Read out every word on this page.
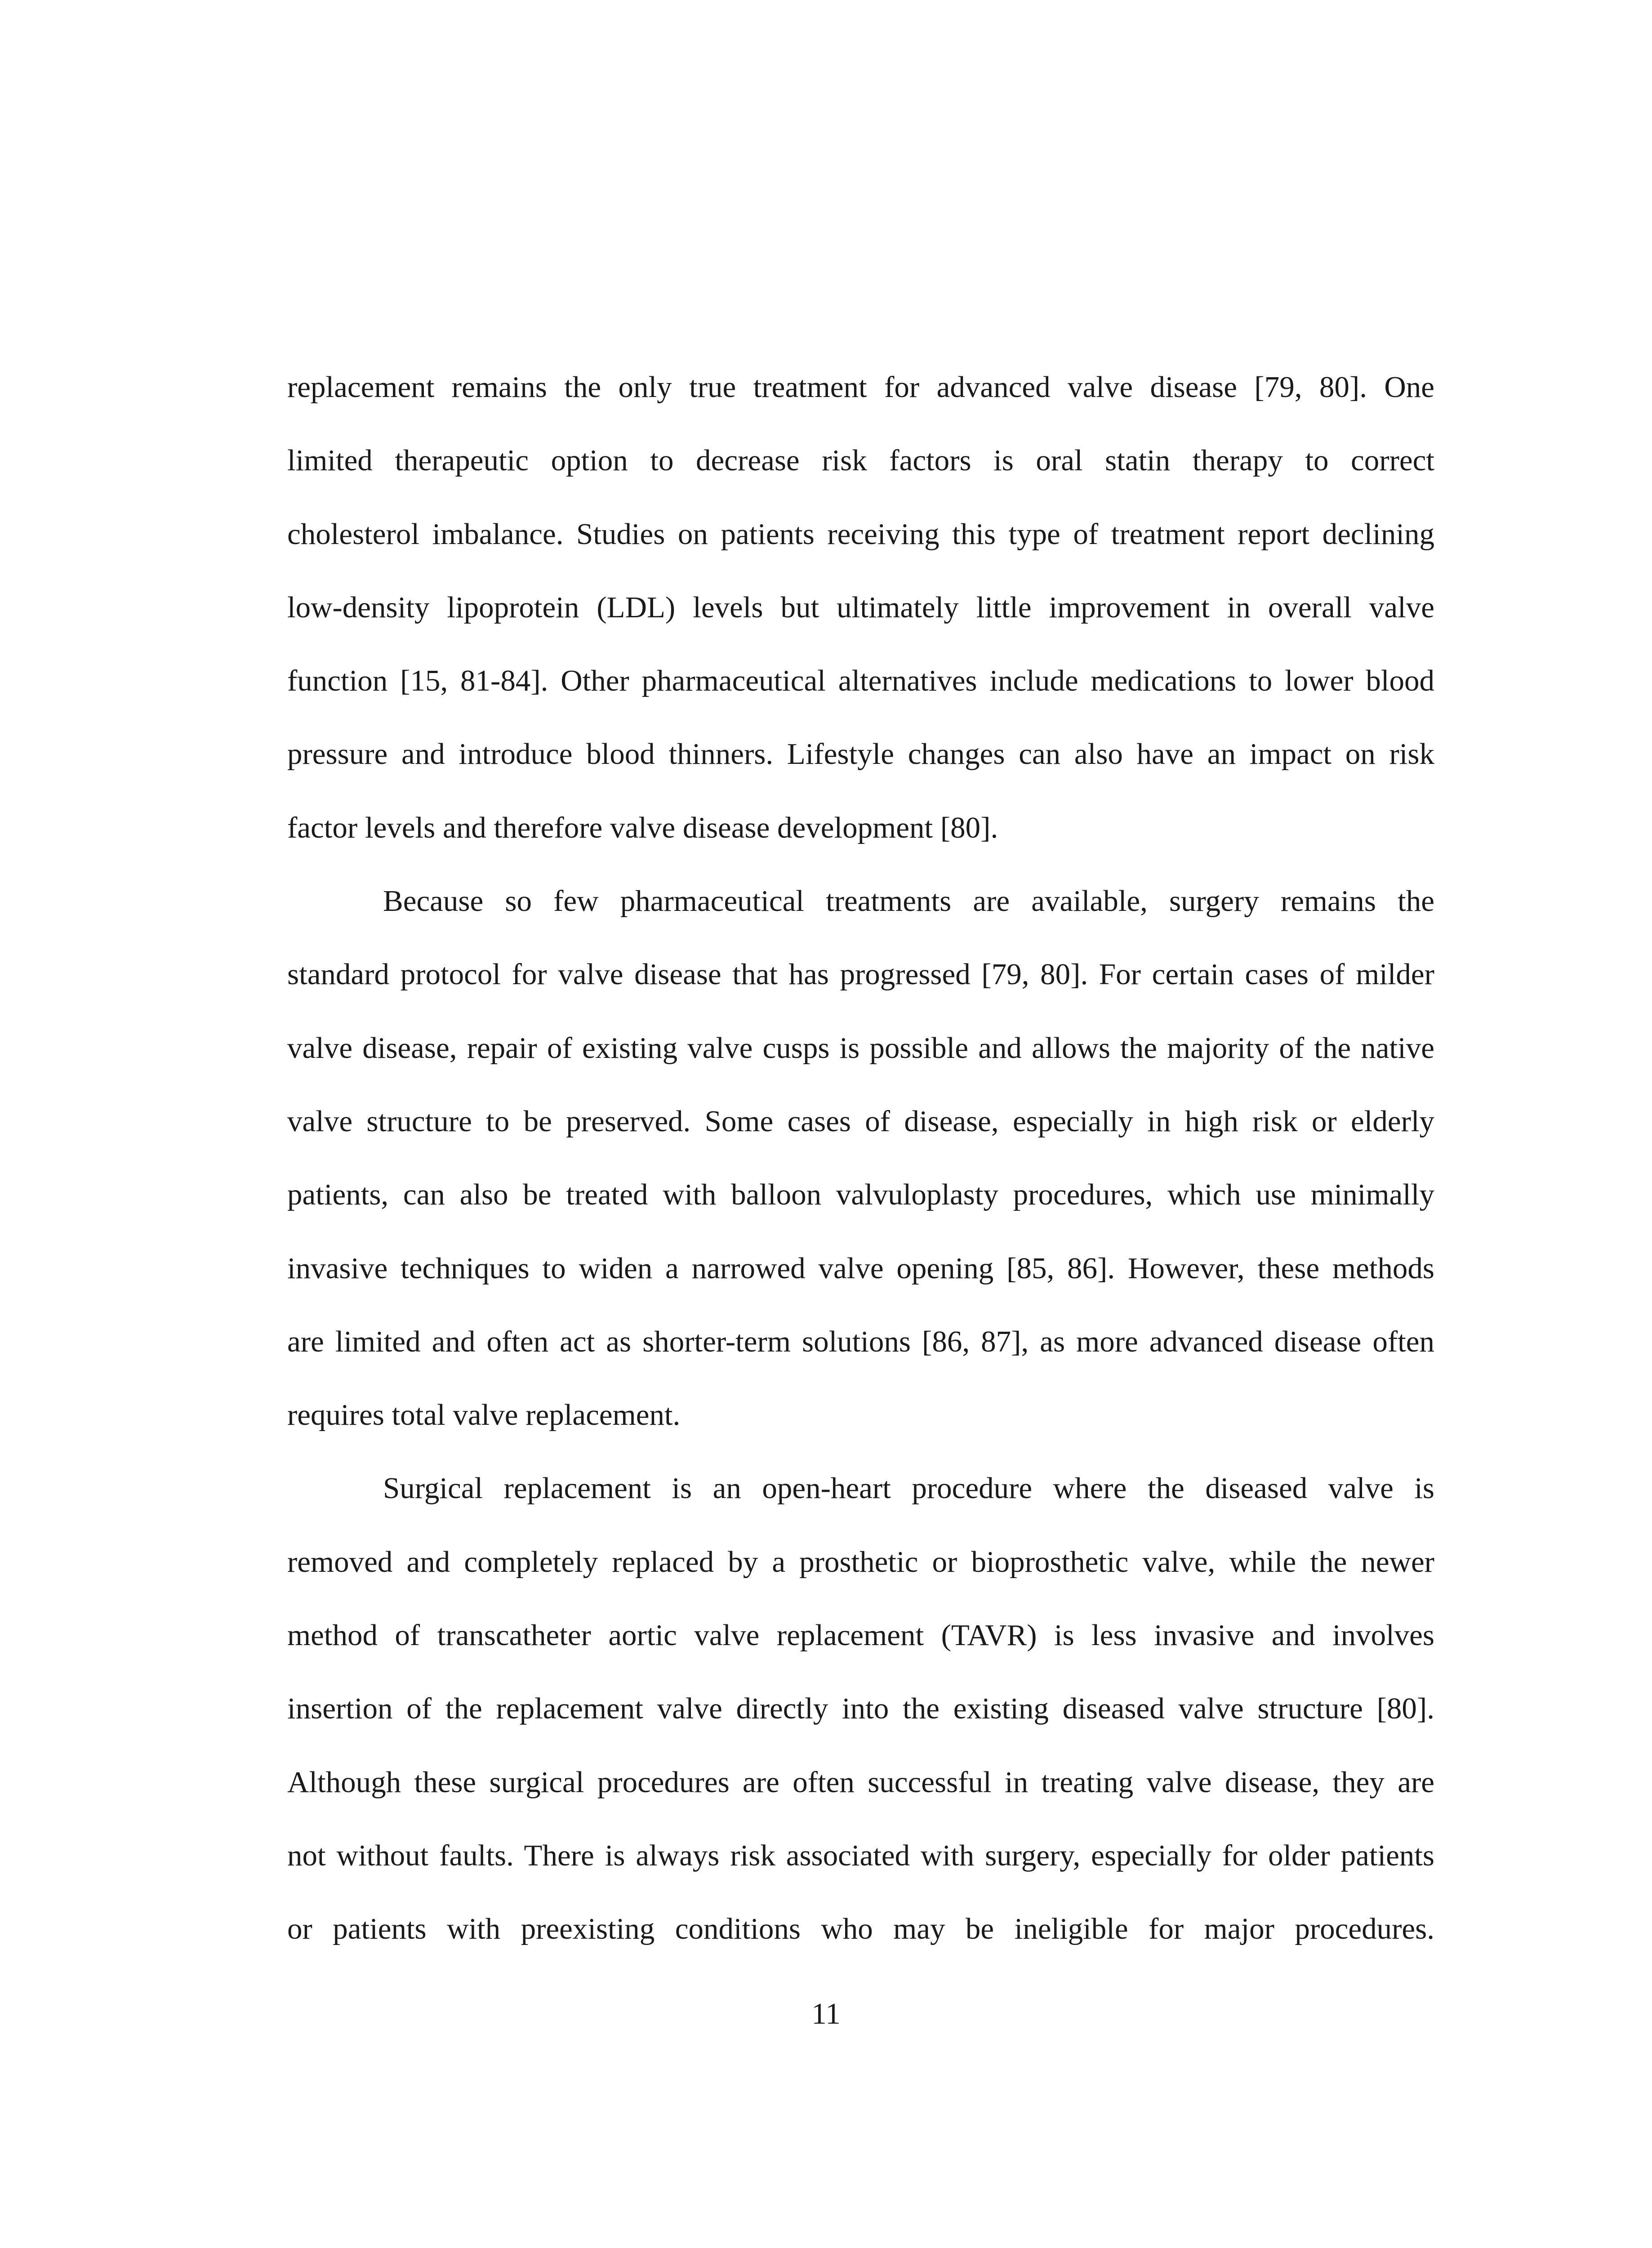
replacement remains the only true treatment for advanced valve disease [79, 80]. One
limited therapeutic option to decrease risk factors is oral statin therapy to correct
cholesterol imbalance. Studies on patients receiving this type of treatment report declining
low-density lipoprotein (LDL) levels but ultimately little improvement in overall valve
function [15, 81-84]. Other pharmaceutical alternatives include medications to lower blood
pressure and introduce blood thinners. Lifestyle changes can also have an impact on risk
factor levels and therefore valve disease development [80].
Because so few pharmaceutical treatments are available, surgery remains the
standard protocol for valve disease that has progressed [79, 80]. For certain cases of milder
valve disease, repair of existing valve cusps is possible and allows the majority of the native
valve structure to be preserved. Some cases of disease, especially in high risk or elderly
patients, can also be treated with balloon valvuloplasty procedures, which use minimally
invasive techniques to widen a narrowed valve opening [85, 86]. However, these methods
are limited and often act as shorter-term solutions [86, 87], as more advanced disease often
requires total valve replacement.
Surgical replacement is an open-heart procedure where the diseased valve is
removed and completely replaced by a prosthetic or bioprosthetic valve, while the newer
method of transcatheter aortic valve replacement (TAVR) is less invasive and involves
insertion of the replacement valve directly into the existing diseased valve structure [80].
Although these surgical procedures are often successful in treating valve disease, they are
not without faults. There is always risk associated with surgery, especially for older patients
or patients with preexisting conditions who may be ineligible for major procedures.
11
